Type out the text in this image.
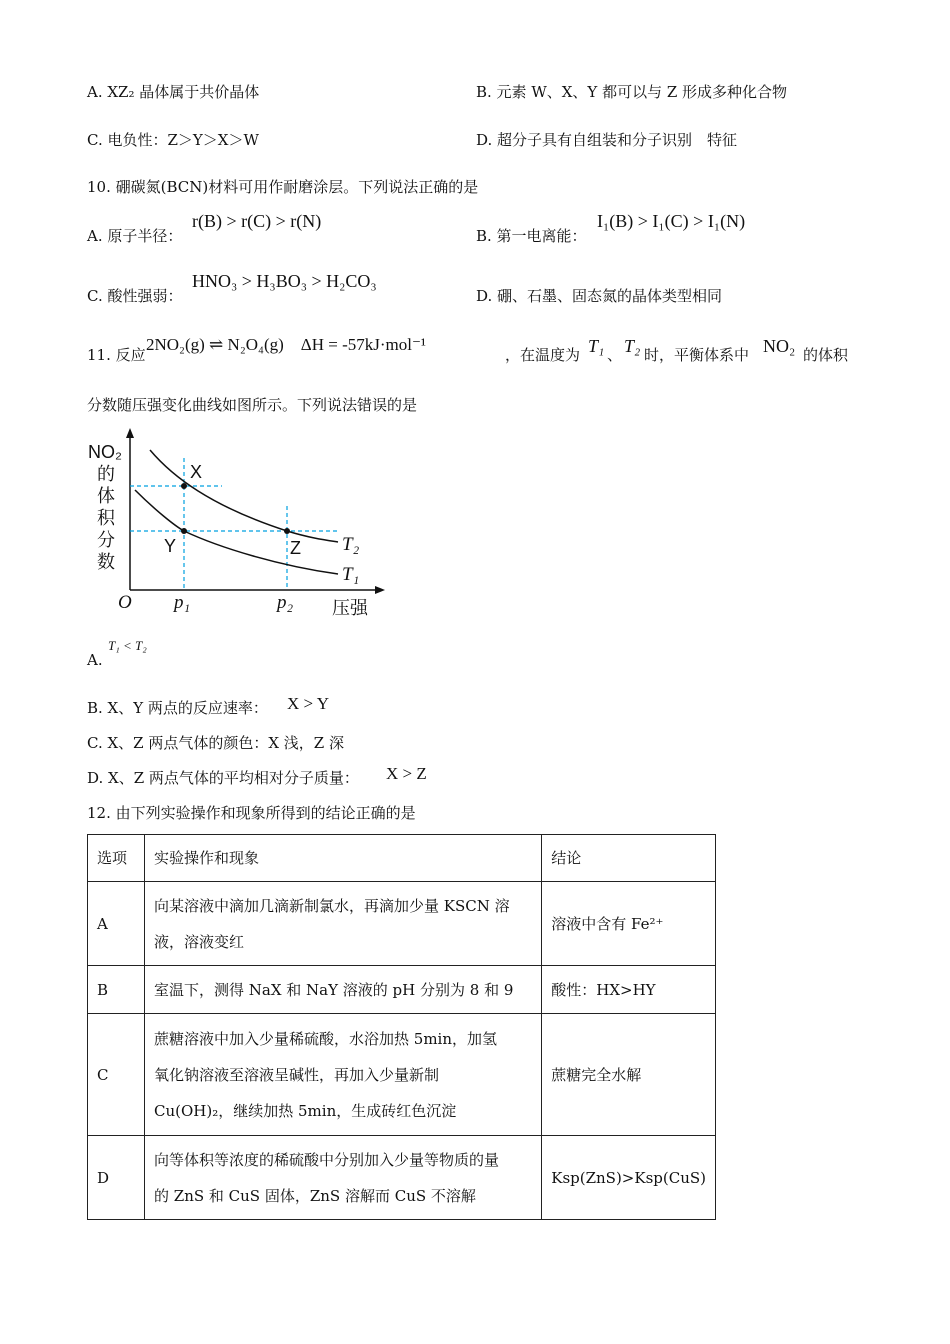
A. XZ₂ 晶体属于共价晶体	B. 元素 W、X、Y 都可以与 Z 形成多种化合物
C. 电负性：Z＞Y＞X＞W	D. 超分子具有自组装和分子识别　特征
10. 硼碳氮(BCN)材料可用作耐磨涂层。下列说法正确的是
A. 原子半径：
r(B) > r(C) > r(N)
B. 第一电离能：
I₁(B) > I₁(C) > I₁(N)
C. 酸性强弱：
HNO₃ > H₃BO₃ > H₂CO₃
D. 硼、石墨、固态氮的晶体类型相同
11. 反应
2NO₂(g) ⇌ N₂O₄(g)　ΔH = -57kJ·mol⁻¹
，在温度为 T₁ 、 T₂ 时，平衡体系中 NO₂ 的体积
分数随压强变化曲线如图所示。下列说法错误的是
NO₂
的
体
积
分
数
X
Y	Z T₂
T₁
O p₁	p₂ 压强
A.
T₁ < T₂
B. X、Y 两点的反应速率： X > Y
C. X、Z 两点气体的颜色：X 浅，Z 深
D. X、Z 两点气体的平均相对分子质量： X > Z
12. 由下列实验操作和现象所得到的结论正确的是
选项	实验操作和现象	结论
A	向某溶液中滴加几滴新制氯水，再滴加少量 KSCN 溶
液，溶液变红	溶液中含有 Fe²⁺
B	室温下，测得 NaX 和 NaY 溶液的 pH 分别为 8 和 9	酸性：HX>HY
C	蔗糖溶液中加入少量稀硫酸，水浴加热 5min，加氢
氧化钠溶液至溶液呈碱性，再加入少量新制
Cu(OH)₂，继续加热 5min，生成砖红色沉淀	蔗糖完全水解
D	向等体积等浓度的稀硫酸中分别加入少量等物质的量
的 ZnS 和 CuS 固体，ZnS 溶解而 CuS 不溶解	Ksp(ZnS)>Ksp(CuS)
